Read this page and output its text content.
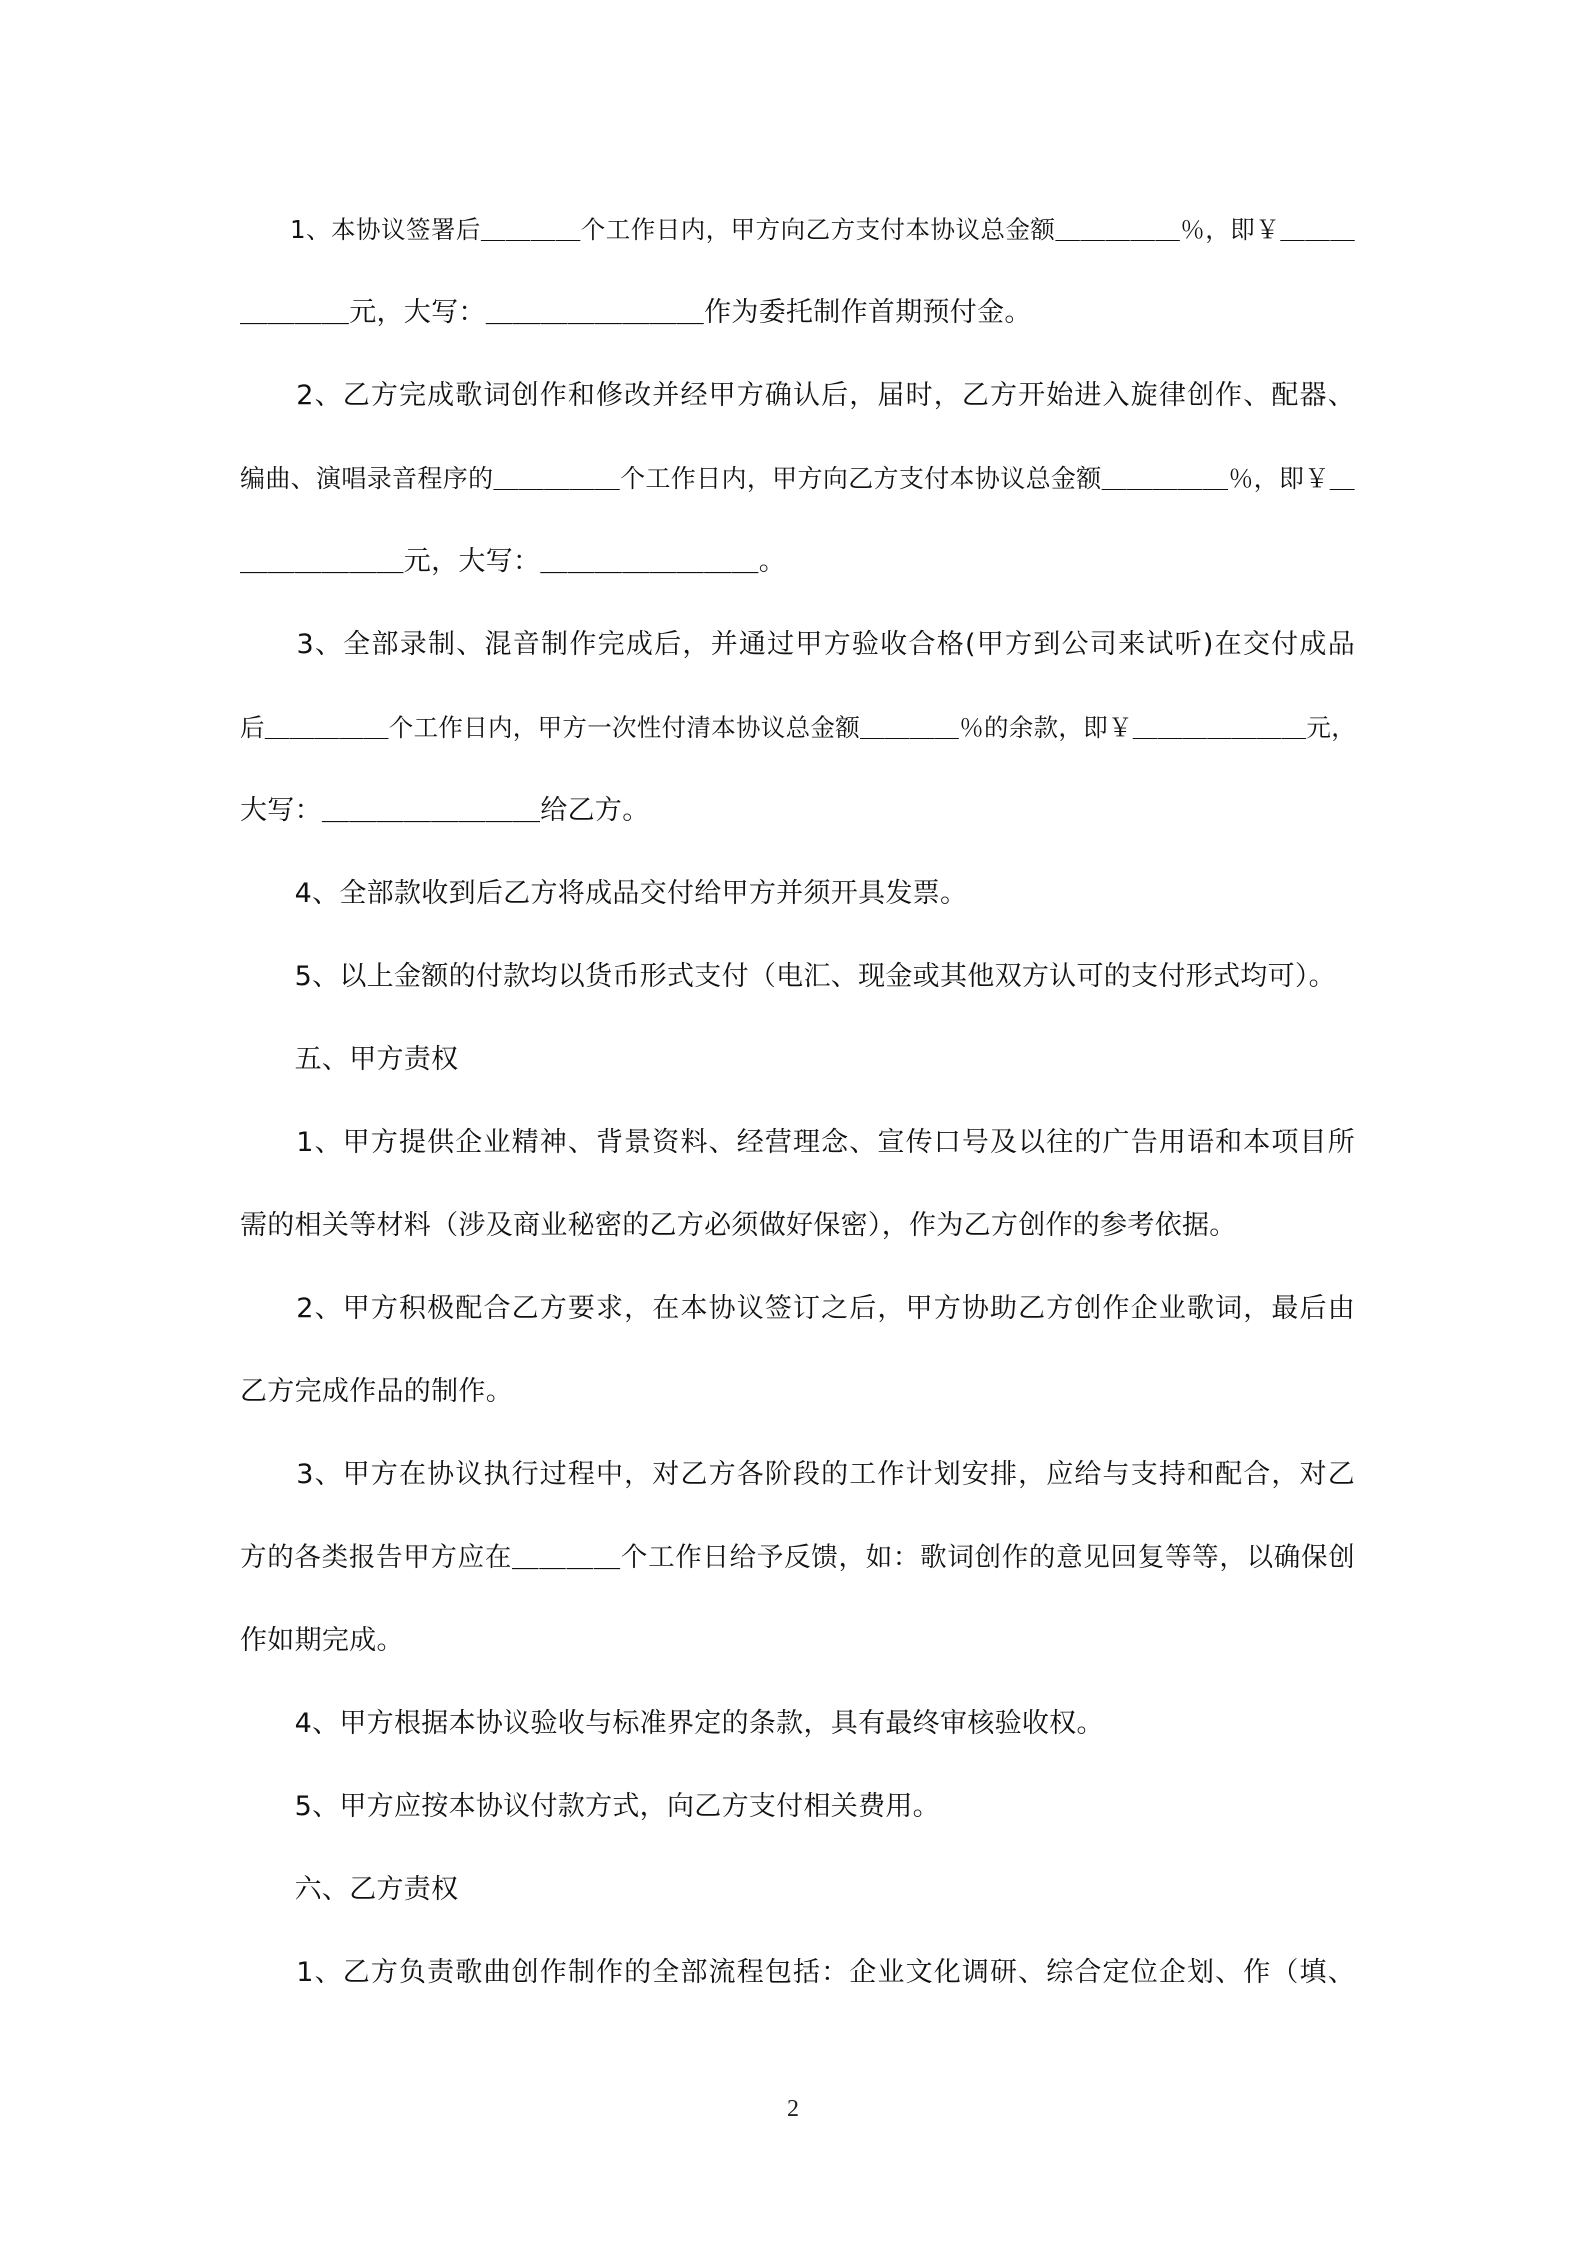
　　1、本协议签署后＿＿＿＿个工作日内，甲方向乙方支付本协议总金额＿＿＿＿＿％，即￥＿＿＿
＿＿＿＿元，大写：＿＿＿＿＿＿＿＿作为委托制作首期预付金。
　　2、乙方完成歌词创作和修改并经甲方确认后，届时，乙方开始进入旋律创作、配器、
编曲、演唱录音程序的＿＿＿＿＿个工作日内，甲方向乙方支付本协议总金额＿＿＿＿＿％，即￥＿
＿＿＿＿＿＿元，大写：＿＿＿＿＿＿＿＿。
　　3、全部录制、混音制作完成后，并通过甲方验收合格(甲方到公司来试听)在交付成品
后＿＿＿＿＿个工作日内，甲方一次性付清本协议总金额＿＿＿＿％的余款，即￥＿＿＿＿＿＿＿元，
大写：＿＿＿＿＿＿＿＿给乙方。
　　4、全部款收到后乙方将成品交付给甲方并须开具发票。
　　5、以上金额的付款均以货币形式支付（电汇、现金或其他双方认可的支付形式均可）。
　　五、甲方责权
　　1、甲方提供企业精神、背景资料、经营理念、宣传口号及以往的广告用语和本项目所
需的相关等材料（涉及商业秘密的乙方必须做好保密），作为乙方创作的参考依据。
　　2、甲方积极配合乙方要求，在本协议签订之后，甲方协助乙方创作企业歌词，最后由
乙方完成作品的制作。
　　3、甲方在协议执行过程中，对乙方各阶段的工作计划安排，应给与支持和配合，对乙
方的各类报告甲方应在＿＿＿＿个工作日给予反馈，如：歌词创作的意见回复等等，以确保创
作如期完成。
　　4、甲方根据本协议验收与标准界定的条款，具有最终审核验收权。
　　5、甲方应按本协议付款方式，向乙方支付相关费用。
　　六、乙方责权
　　1、乙方负责歌曲创作制作的全部流程包括：企业文化调研、综合定位企划、作（填、
2
